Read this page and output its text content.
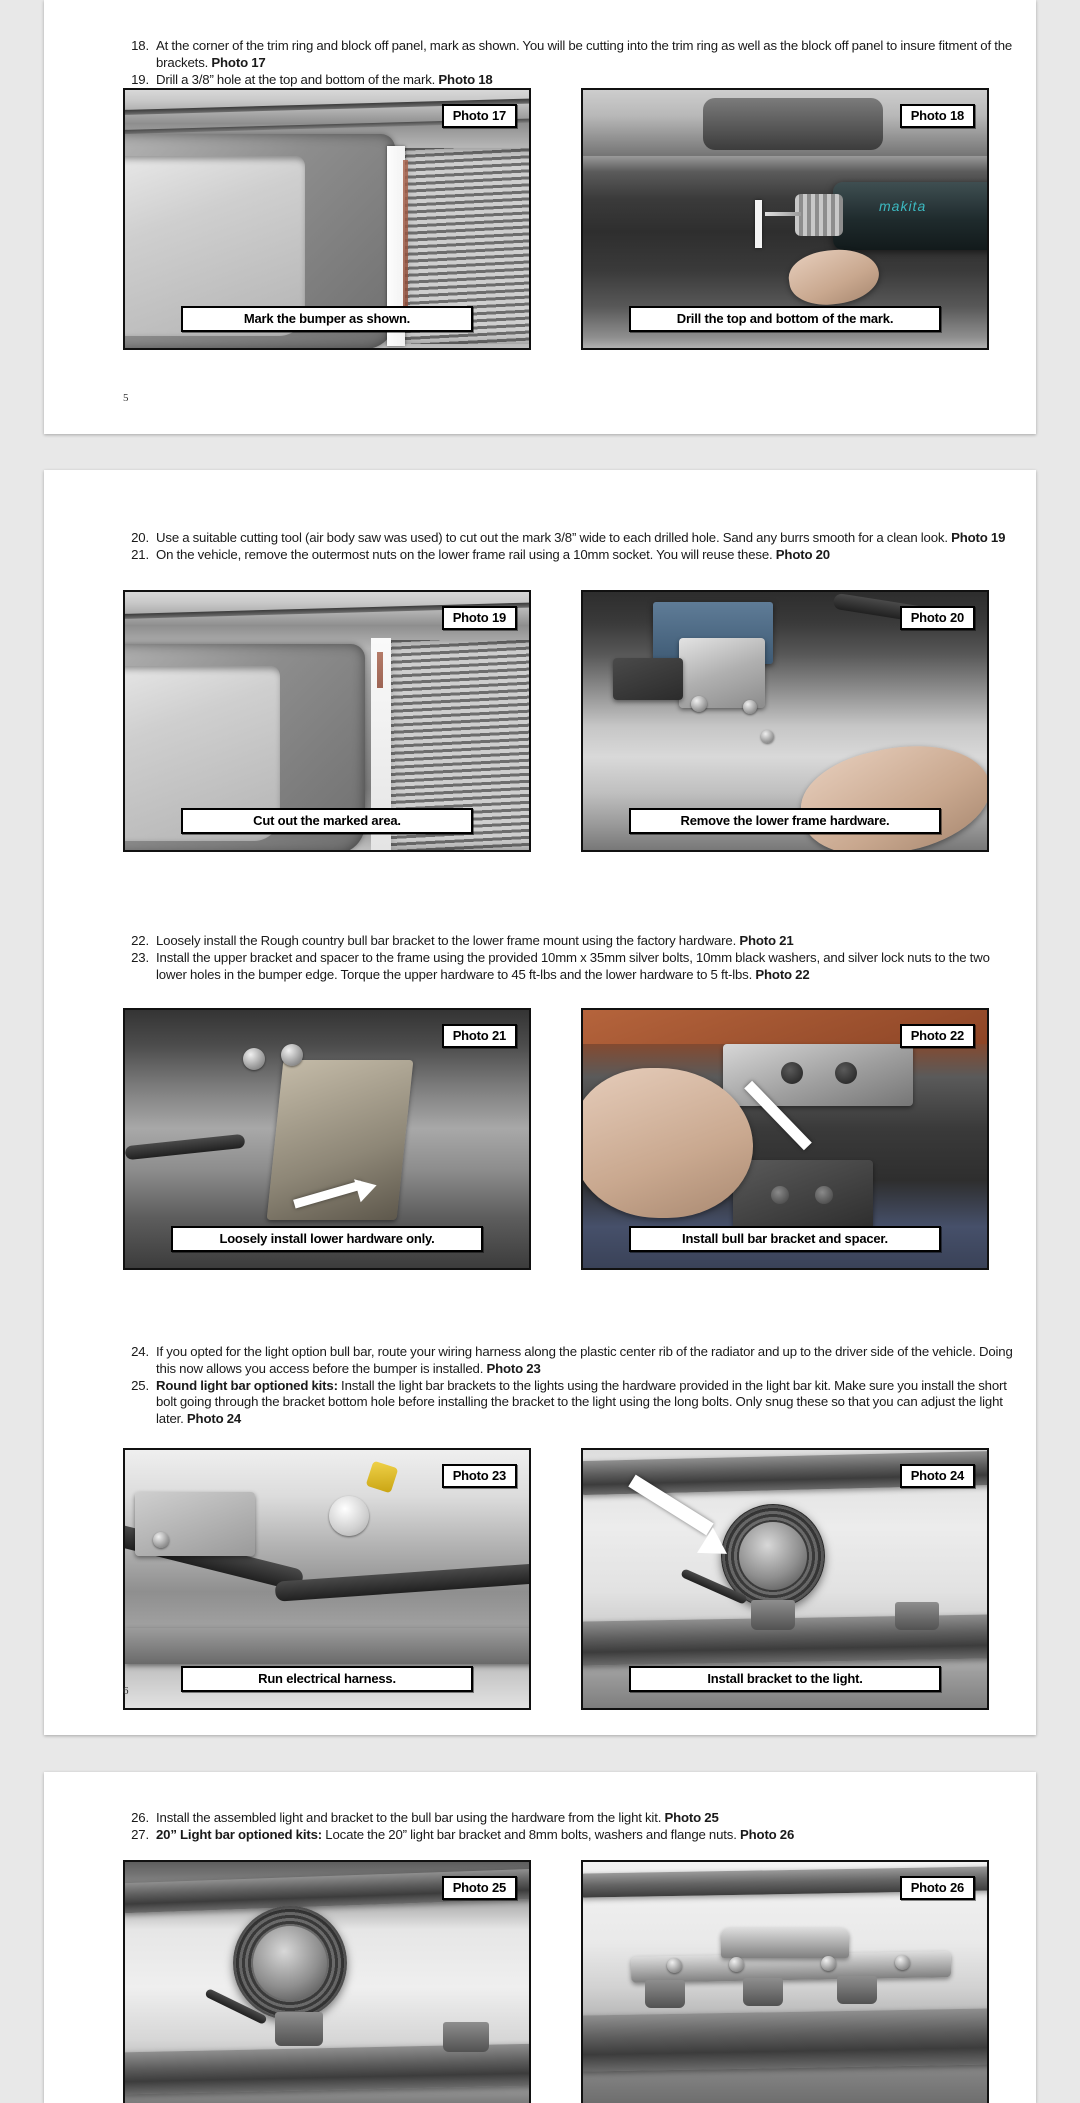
18. At the corner of the trim ring and block off panel, mark as shown. You will be cutting into the trim ring as well as the block off panel to insure fitment of the brackets. Photo 17
19. Drill a 3/8” hole at the top and bottom of the mark. Photo 18
Photo 17
Mark the bumper as shown.
makita
Photo 18
Drill the top and bottom of the mark.
5
20. Use a suitable cutting tool (air body saw was used) to cut out the mark 3/8” wide to each drilled hole. Sand any burrs smooth for a clean look. Photo 19
21. On the vehicle, remove the outermost nuts on the lower frame rail using a 10mm socket. You will reuse these. Photo 20
Photo 19
Cut out the marked area.
Photo 20
Remove the lower frame hardware.
22. Loosely install the Rough country bull bar bracket to the lower frame mount using the factory hardware. Photo 21
23. Install the upper bracket and spacer to the frame using the provided 10mm x 35mm silver bolts, 10mm black washers, and silver lock nuts to the two lower holes in the bumper edge. Torque the upper hardware to 45 ft-lbs and the lower hardware to 5 ft-lbs. Photo 22
Photo 21
Loosely install lower hardware only.
Photo 22
Install bull bar bracket and spacer.
24. If you opted for the light option bull bar, route your wiring harness along the plastic center rib of the radiator and up to the driver side of the vehicle. Doing this now allows you access before the bumper is installed. Photo 23
25. Round light bar optioned kits: Install the light bar brackets to the lights using the hardware provided in the light bar kit. Make sure you install the short bolt going through the bracket bottom hole before installing the bracket to the light using the long bolts. Only snug these so that you can adjust the light later. Photo 24
Photo 23
Run electrical harness.
Photo 24
Install bracket to the light.
6
26. Install the assembled light and bracket to the bull bar using the hardware from the light kit. Photo 25
27. 20” Light bar optioned kits: Locate the 20” light bar bracket and 8mm bolts, washers and flange nuts. Photo 26
Photo 25	Photo 26
